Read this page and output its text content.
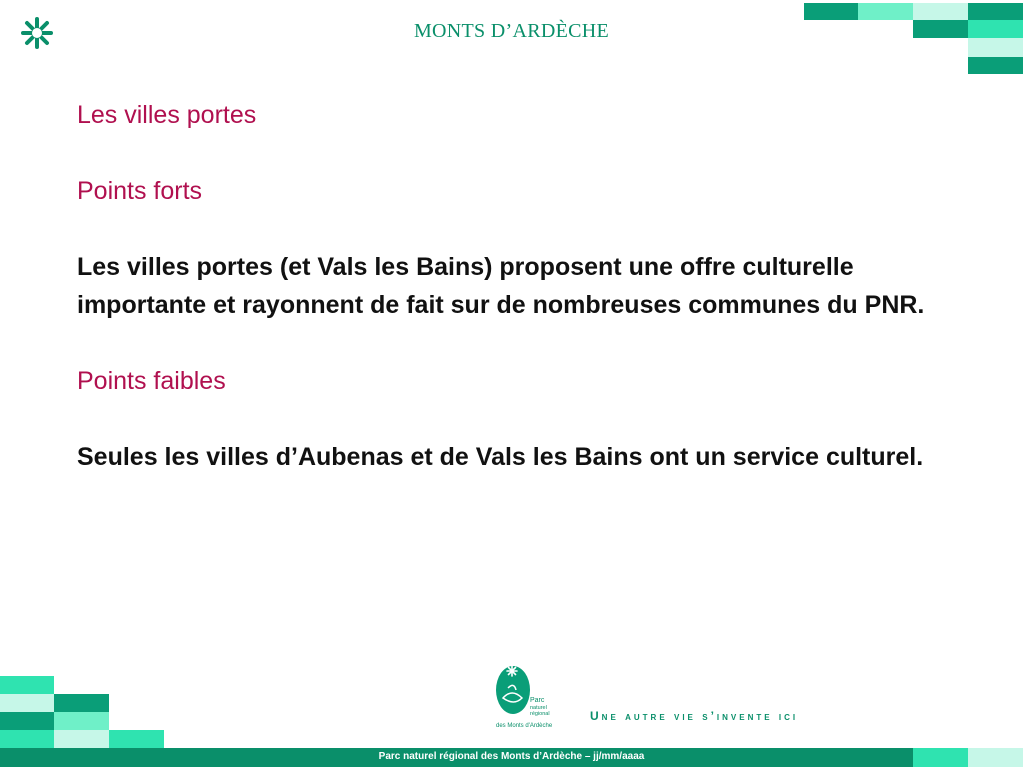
MONTS D’ARDÈCHE

Les villes portes

Points forts

Les villes portes (et Vals les Bains) proposent une offre culturelle importante et rayonnent de fait sur de nombreuses communes du PNR.

Points faibles

Seules les villes d’Aubenas et de Vals les Bains ont un service culturel.

Parc
naturel
régional
des Monts d'Ardèche
Une autre vie s’invente ici
Parc naturel régional des Monts d’Ardèche – jj/mm/aaaa
